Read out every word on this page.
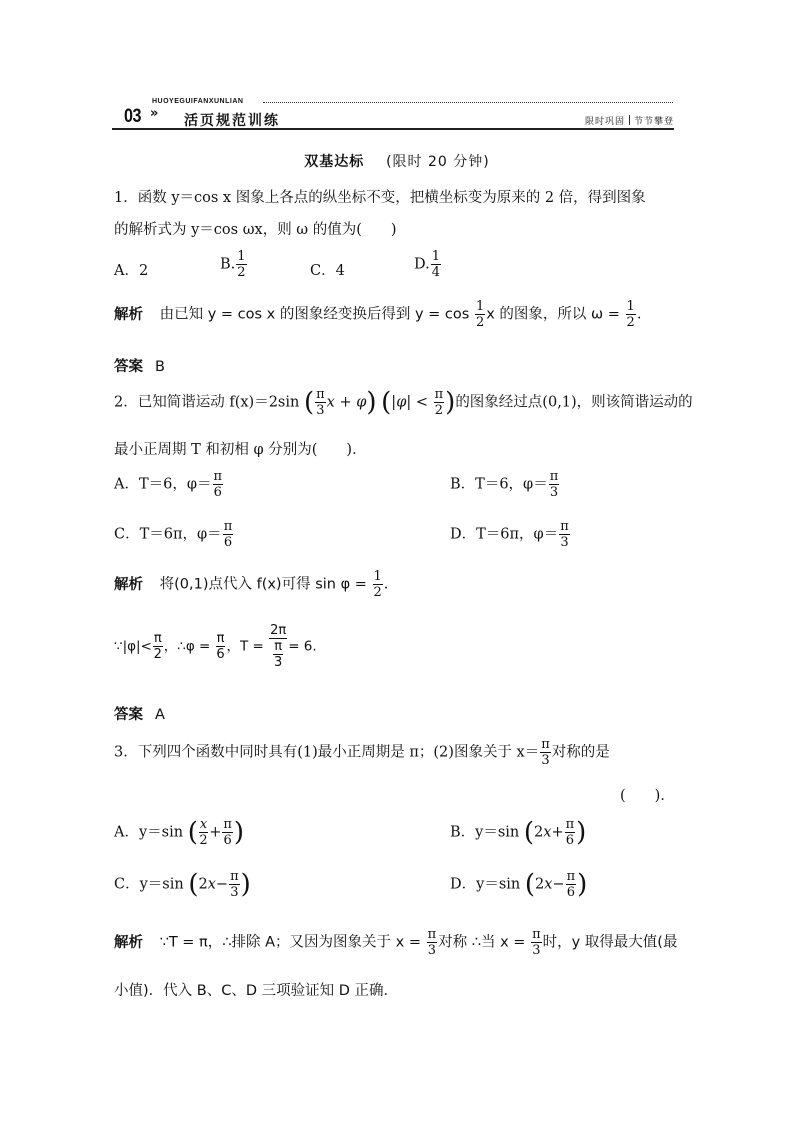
03 »
HUOYEGUIFANXUNLIAN
活页规范训练	限时巩固 节节攀登
双基达标 (限时 20 分钟)
1．函数 y＝cos x 图象上各点的纵坐标不变，把横坐标变为原来的 2 倍，得到图象
的解析式为 y＝cos ωx，则 ω 的值为(　　)
A．2	B. $\frac{1}{2}$	C．4	D. $\frac{1}{4}$
解析 由已知 y = cos x 的图象经变换后得到 $y = \cos \frac{1}{2}$ x 的图象，所以 $\omega = \frac{1}{2}$ .
答案 B
2．已知简谐运动 f(x)＝2sin ( $\frac{\pi}{3}$ x + φ) ($|\varphi| < \frac{\pi}{2}$ )的图象经过点(0,1)，则该简谐运动的
最小正周期 T 和初相 φ 分别为(　　)．
A．T＝6，$\varphi= \frac{\pi}{6}$	B．T＝6，$\varphi= \frac{\pi}{3}$
C．T＝6π，$\varphi= \frac{\pi}{6}$	D．T＝6π，$\varphi= \frac{\pi}{3}$
解析 将(0,1)点代入 f(x)可得 $\sin \varphi = \frac{1}{2}$ .
∵|φ|< $\frac{\pi}{2}$ ，∴φ = $\frac{\pi}{6}$ ，$T = \frac{2\pi}{\frac{\pi}{3}} = 6$.
答案 A
3．下列四个函数中同时具有(1)最小正周期是 π；(2)图象关于 $x= \frac{\pi}{3}$ 对称的是
(　　)．
A．y＝sin ( $\frac{x}{2} + \frac{\pi}{6}$ )	B．y＝sin ($2x+ \frac{\pi}{6}$ )
C．y＝sin ($2x- \frac{\pi}{3}$ )	D．y＝sin ($2x- \frac{\pi}{6}$ )
解析 ∵T = π，∴排除 A；又因为图象关于 $x = \frac{\pi}{3}$ 对称 ∴当 $x = \frac{\pi}{3}$ 时，y 取得最大值(最
小值)．代入 B、C、D 三项验证知 D 正确．
